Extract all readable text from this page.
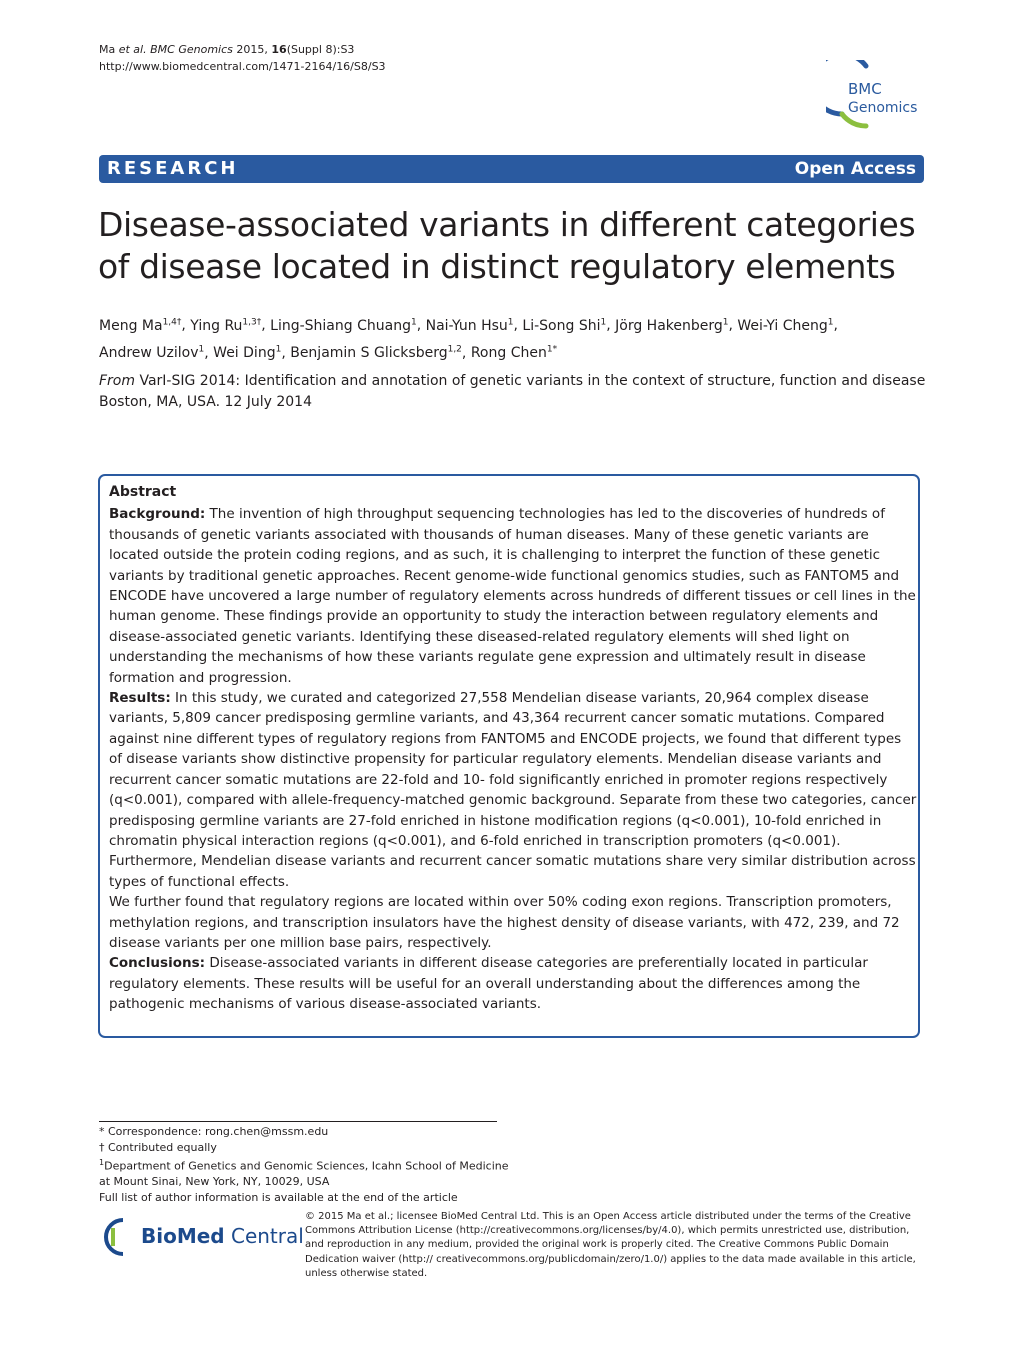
Ma et al. BMC Genomics 2015, 16(Suppl 8):S3
http://www.biomedcentral.com/1471-2164/16/S8/S3
BMC
Genomics
RESEARCH	Open Access
Disease-associated variants in different categories of disease located in distinct regulatory elements
Meng $Ma^{1,4\dagger}$, Ying $Ru^{1,3\dagger}$, Ling-Shiang Chuang$^1$, Nai-Yun Hsu$^1$, Li-Song Shi$^1$, Jörg Hakenberg$^1$, Wei-Yi Cheng$^1$,
Andrew Uzilov$^1$, Wei Ding$^1$, Benjamin S Glicksberg$^{1,2}$, Rong Chen$^{1*}$
From VarI-SIG 2014: Identification and annotation of genetic variants in the context of structure, function and disease
Boston, MA, USA. 12 July 2014
Abstract

Background: The invention of high throughput sequencing technologies has led to the discoveries of hundreds of thousands of genetic variants associated with thousands of human diseases. Many of these genetic variants are located outside the protein coding regions, and as such, it is challenging to interpret the function of these genetic variants by traditional genetic approaches. Recent genome-wide functional genomics studies, such as FANTOM5 and ENCODE have uncovered a large number of regulatory elements across hundreds of different tissues or cell lines in the human genome. These findings provide an opportunity to study the interaction between regulatory elements and disease-associated genetic variants. Identifying these diseased-related regulatory elements will shed light on understanding the mechanisms of how these variants regulate gene expression and ultimately result in disease formation and progression.

Results: In this study, we curated and categorized 27,558 Mendelian disease variants, 20,964 complex disease variants, 5,809 cancer predisposing germline variants, and 43,364 recurrent cancer somatic mutations. Compared against nine different types of regulatory regions from FANTOM5 and ENCODE projects, we found that different types of disease variants show distinctive propensity for particular regulatory elements. Mendelian disease variants and recurrent cancer somatic mutations are 22-fold and 10- fold significantly enriched in promoter regions respectively (q<0.001), compared with allele-frequency-matched genomic background. Separate from these two categories, cancer predisposing germline variants are 27-fold enriched in histone modification regions (q<0.001), 10-fold enriched in chromatin physical interaction regions (q<0.001), and 6-fold enriched in transcription promoters (q<0.001). Furthermore, Mendelian disease variants and recurrent cancer somatic mutations share very similar distribution across types of functional effects.

We further found that regulatory regions are located within over 50% coding exon regions. Transcription promoters, methylation regions, and transcription insulators have the highest density of disease variants, with 472, 239, and 72 disease variants per one million base pairs, respectively.

Conclusions: Disease-associated variants in different disease categories are preferentially located in particular regulatory elements. These results will be useful for an overall understanding about the differences among the pathogenic mechanisms of various disease-associated variants.

* Correspondence: rong.chen@mssm.edu
† Contributed equally
$^1$Department of Genetics and Genomic Sciences, Icahn School of Medicine at Mount Sinai, New York, NY, 10029, USA
Full list of author information is available at the end of the article
BioMed Central
© 2015 Ma et al.; licensee BioMed Central Ltd. This is an Open Access article distributed under the terms of the Creative Commons Attribution License (http://creativecommons.org/licenses/by/4.0), which permits unrestricted use, distribution, and reproduction in any medium, provided the original work is properly cited. The Creative Commons Public Domain Dedication waiver (http:// creativecommons.org/publicdomain/zero/1.0/) applies to the data made available in this article, unless otherwise stated.
